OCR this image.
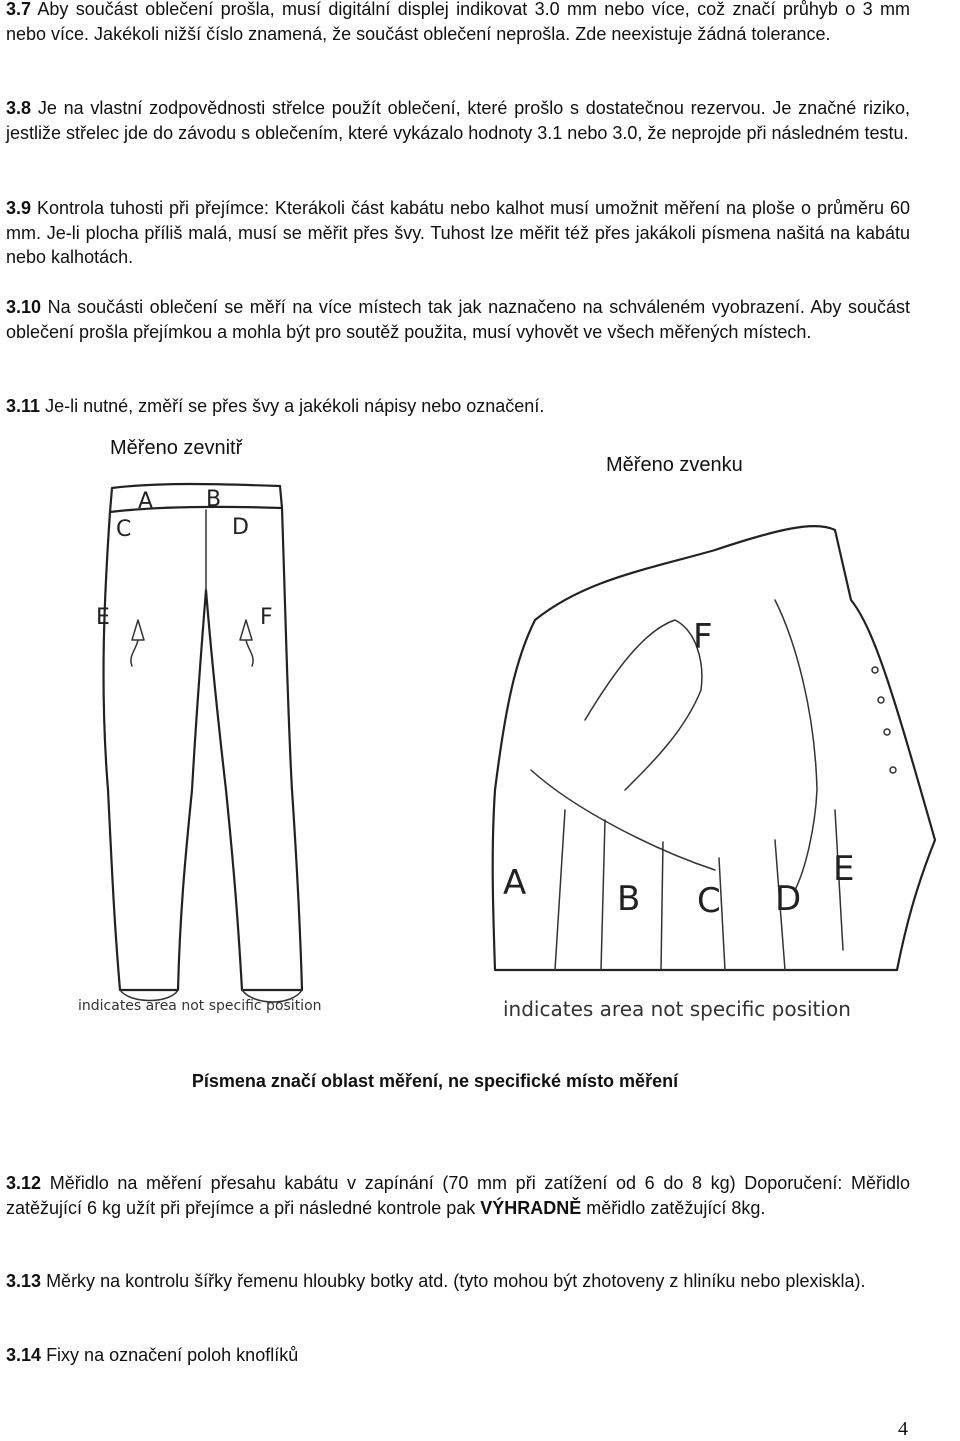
3.7 Aby součást oblečení prošla, musí digitální displej indikovat 3.0 mm nebo více, což značí průhyb o 3 mm nebo více. Jakékoli nižší číslo znamená, že součást oblečení neprošla. Zde neexistuje žádná tolerance.
3.8 Je na vlastní zodpovědnosti střelce použít oblečení, které prošlo s dostatečnou rezervou. Je značné riziko, jestliže střelec jde do závodu s oblečením, které vykázalo hodnoty 3.1 nebo 3.0, že neprojde při následném testu.
3.9 Kontrola tuhosti při přejímce: Kterákoli část kabátu nebo kalhot musí umožnit měření na ploše o průměru 60 mm. Je-li plocha příliš malá, musí se měřit přes švy. Tuhost lze měřit též přes jakákoli písmena našitá na kabátu nebo kalhotách.
3.10 Na součásti oblečení se měří na více místech tak jak naznačeno na schváleném vyobrazení. Aby součást oblečení prošla přejímkou a mohla být pro soutěž použita, musí vyhovět ve všech měřených místech.
3.11 Je-li nutné, změří se přes švy a jakékoli nápisy nebo označení.
Měřeno zevnitř
Měřeno zvenku
A B
C	D
E	F
indicates area not specific position
F
A	B C D
E
indicates area not specific position
Písmena značí oblast měření, ne specifické místo měření
3.12 Měřidlo na měření přesahu kabátu v zapínání (70 mm při zatížení od 6 do 8 kg) Doporučení: Měřidlo zatěžující 6 kg užít při přejímce a při následné kontrole pak VÝHRADNĚ měřidlo zatěžující 8kg.
3.13 Měrky na kontrolu šířky řemenu hloubky botky atd. (tyto mohou být zhotoveny z hliníku nebo plexiskla).
3.14 Fixy na označení poloh knoflíků
4
